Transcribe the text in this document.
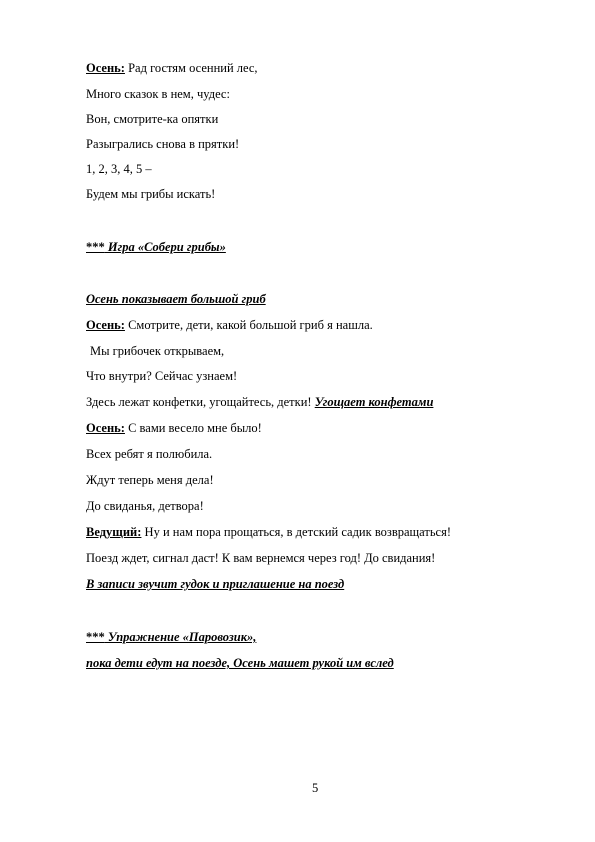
Осень: Рад гостям осенний лес,
Много сказок в нем, чудес:
Вон, смотрите-ка опятки
Разыгрались снова в прятки!
1, 2, 3, 4, 5 –
Будем мы грибы искать!
*** Игра «Собери грибы»
Осень показывает большой гриб
Осень: Смотрите, дети, какой большой гриб я нашла.
Мы грибочек открываем,
Что внутри? Сейчас узнаем!
Здесь лежат конфетки, угощайтесь, детки! Угощает конфетами
Осень: С вами весело мне было!
Всех ребят я полюбила.
Ждут теперь меня дела!
До свиданья, детвора!
Ведущий: Ну и нам пора прощаться, в детский садик возвращаться!
Поезд ждет, сигнал даст! К вам вернемся через год! До свидания!
В записи звучит гудок и приглашение на поезд
*** Упражнение «Паровозик»,
пока дети едут на поезде, Осень машет рукой им вслед
5
